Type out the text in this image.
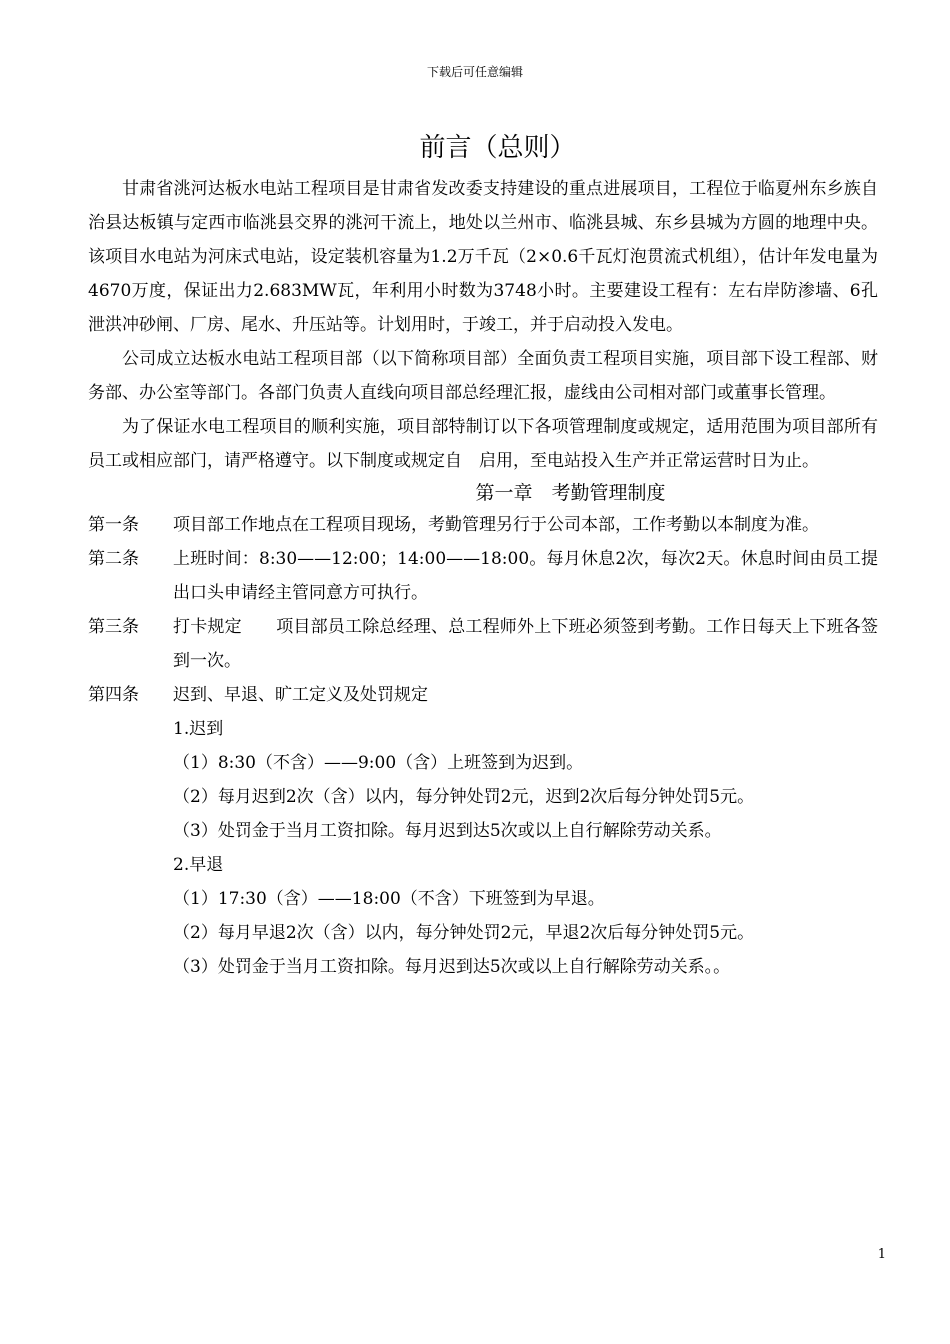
下载后可任意编辑
前言（总则）

甘肃省洮河达板水电站工程项目是甘肃省发改委支持建设的重点进展项目，工程位于临夏州东乡族自治县达板镇与定西市临洮县交界的洮河干流上，地处以兰州市、临洮县城、东乡县城为方圆的地理中央。该项目水电站为河床式电站，设定装机容量为1.2万千瓦（2×0.6千瓦灯泡贯流式机组），估计年发电量为4670万度，保证出力2.683MW瓦，年利用小时数为3748小时。主要建设工程有：左右岸防渗墙、6孔泄洪冲砂闸、厂房、尾水、升压站等。计划用时，于竣工，并于启动投入发电。

公司成立达板水电站工程项目部（以下简称项目部）全面负责工程项目实施，项目部下设工程部、财务部、办公室等部门。各部门负责人直线向项目部总经理汇报，虚线由公司相对部门或董事长管理。

为了保证水电工程项目的顺利实施，项目部特制订以下各项管理制度或规定，适用范围为项目部所有员工或相应部门，请严格遵守。以下制度或规定自　启用，至电站投入生产并正常运营时日为止。

第一章　考勤管理制度

第一条	项目部工作地点在工程项目现场，考勤管理另行于公司本部，工作考勤以本制度为准。
第二条	上班时间：8:30——12:00；14:00——18:00。每月休息2次，每次2天。休息时间由员工提出口头申请经主管同意方可执行。
第三条	打卡规定　　项目部员工除总经理、总工程师外上下班必须签到考勤。工作日每天上下班各签到一次。
第四条	迟到、早退、旷工定义及处罚规定
1.迟到
（1）8:30（不含）——9:00（含）上班签到为迟到。
（2）每月迟到2次（含）以内，每分钟处罚2元，迟到2次后每分钟处罚5元。
（3）处罚金于当月工资扣除。每月迟到达5次或以上自行解除劳动关系。
2.早退
（1）17:30（含）——18:00（不含）下班签到为早退。
（2）每月早退2次（含）以内，每分钟处罚2元，早退2次后每分钟处罚5元。
（3）处罚金于当月工资扣除。每月迟到达5次或以上自行解除劳动关系。。
1
